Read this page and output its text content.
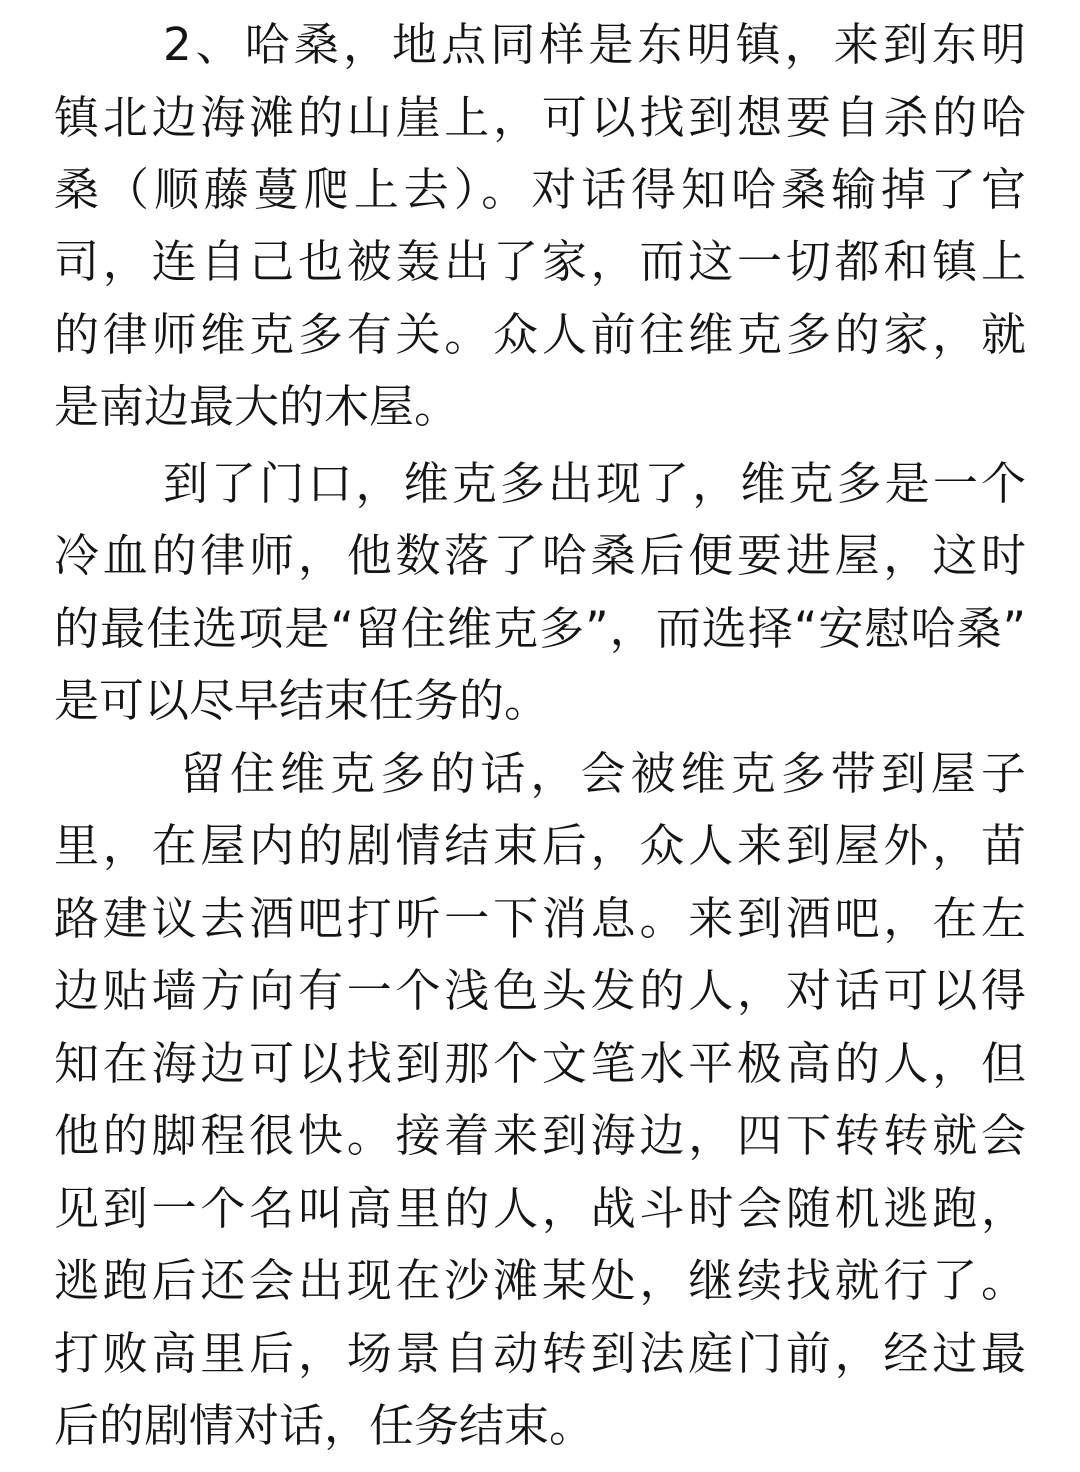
2、哈桑，地点同样是东明镇，来到东明
镇北边海滩的山崖上，可以找到想要自杀的哈
桑（顺藤蔓爬上去）。对话得知哈桑输掉了官
司，连自己也被轰出了家，而这一切都和镇上
的律师维克多有关。众人前往维克多的家，就
是南边最大的木屋。
到了门口，维克多出现了，维克多是一个
冷血的律师，他数落了哈桑后便要进屋，这时
的最佳选项是“留住维克多”，而选择“安慰哈桑”
是可以尽早结束任务的。
留住维克多的话，会被维克多带到屋子
里，在屋内的剧情结束后，众人来到屋外，苗
路建议去酒吧打听一下消息。来到酒吧，在左
边贴墙方向有一个浅色头发的人，对话可以得
知在海边可以找到那个文笔水平极高的人，但
他的脚程很快。接着来到海边，四下转转就会
见到一个名叫高里的人，战斗时会随机逃跑，
逃跑后还会出现在沙滩某处，继续找就行了。
打败高里后，场景自动转到法庭门前，经过最
后的剧情对话，任务结束。
